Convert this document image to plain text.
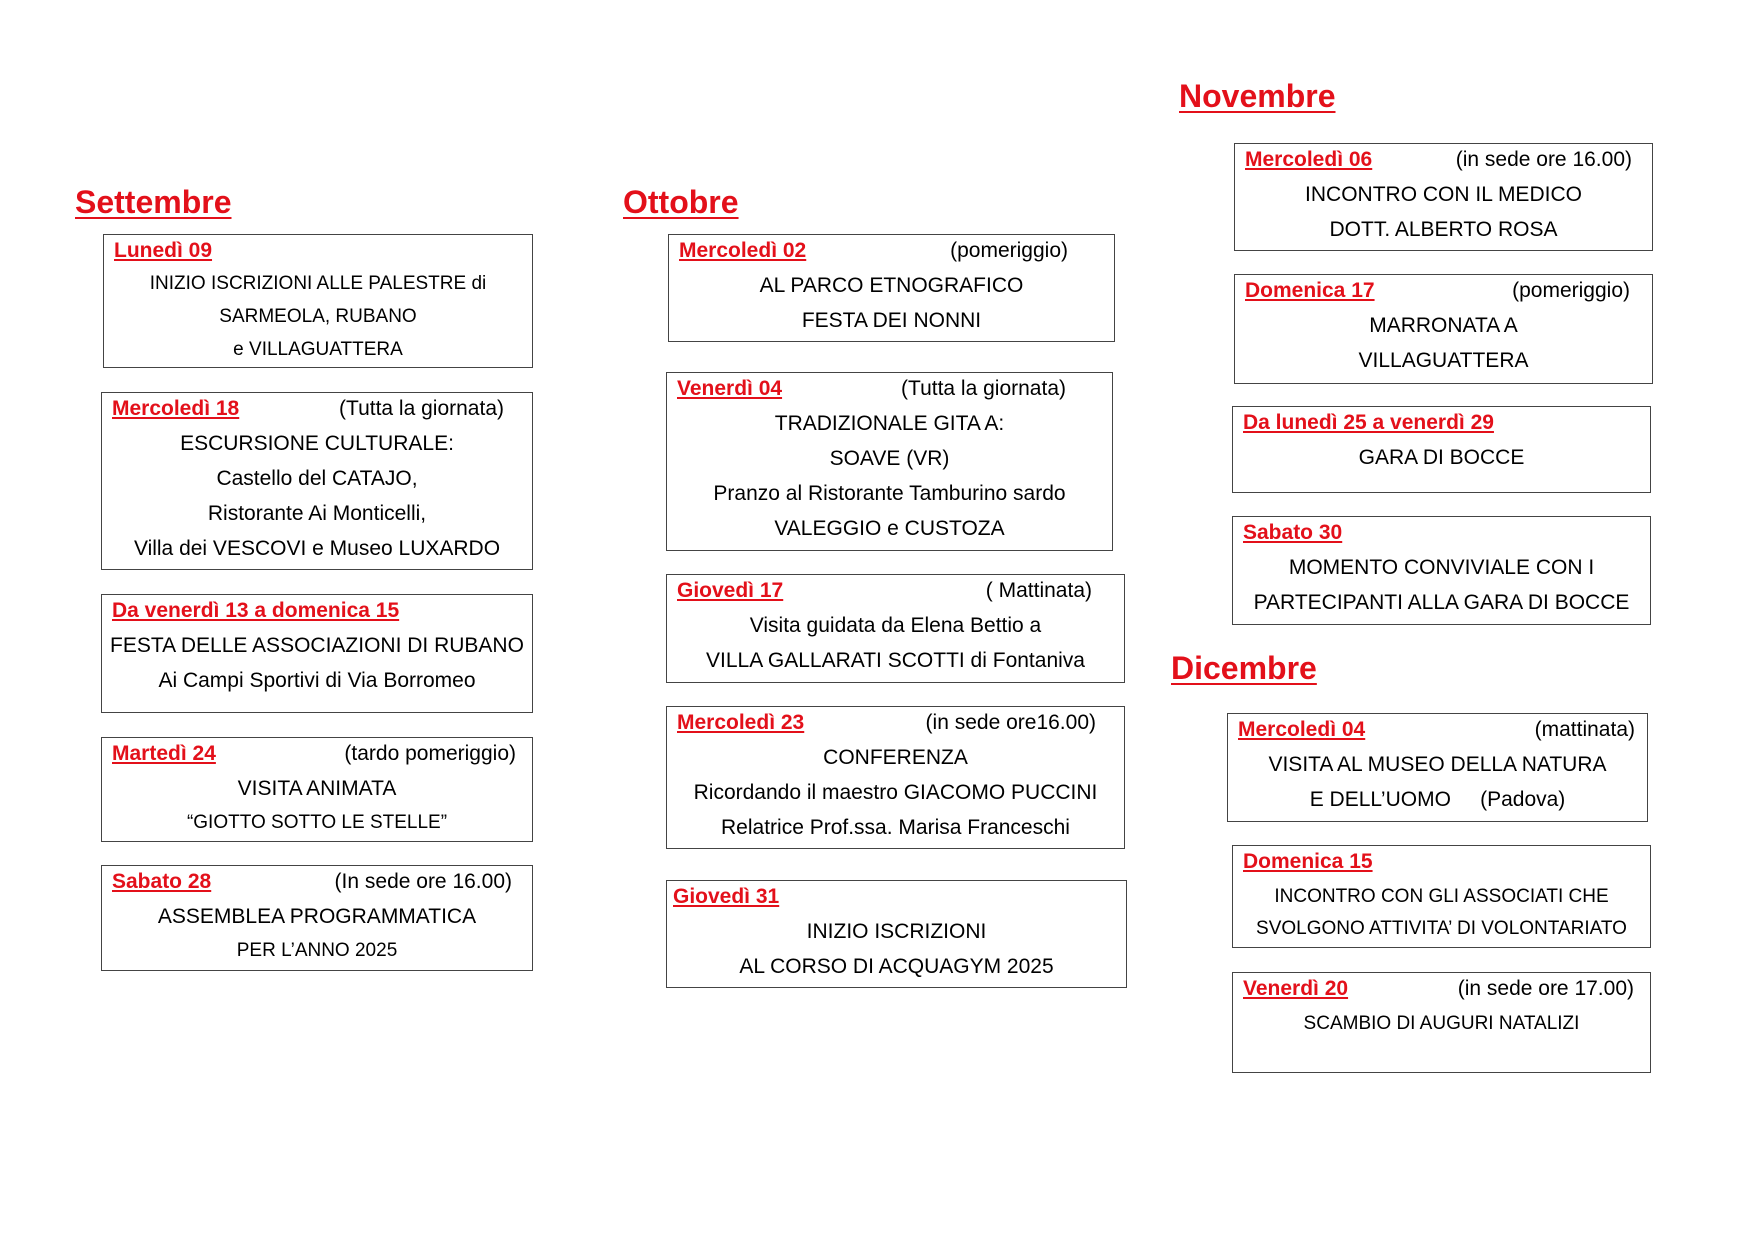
Settembre	Ottobre
Novembre
Dicembre
Lunedì 09
INIZIO ISCRIZIONI ALLE PALESTRE di
SARMEOLA, RUBANO
e VILLAGUATTERA
Mercoledì 18	(Tutta la giornata)
ESCURSIONE CULTURALE:
Castello del CATAJO,
Ristorante Ai Monticelli,
Villa dei VESCOVI e Museo LUXARDO
Da venerdì 13 a domenica 15
FESTA DELLE ASSOCIAZIONI DI RUBANO
Ai Campi Sportivi di Via Borromeo
Martedì 24	(tardo pomeriggio)
VISITA ANIMATA
“GIOTTO SOTTO LE STELLE”
Sabato 28	(In sede ore 16.00)
ASSEMBLEA PROGRAMMATICA
PER L’ANNO 2025
Mercoledì 02	(pomeriggio)
AL PARCO ETNOGRAFICO
FESTA DEI NONNI
Venerdì 04	(Tutta la giornata)
TRADIZIONALE GITA A:
SOAVE (VR)
Pranzo al Ristorante Tamburino sardo
VALEGGIO e CUSTOZA
Giovedì 17	( Mattinata)
Visita guidata da Elena Bettio a
VILLA GALLARATI SCOTTI di Fontaniva
Mercoledì 23	(in sede ore16.00)
CONFERENZA
Ricordando il maestro GIACOMO PUCCINI
Relatrice Prof.ssa. Marisa Franceschi
Giovedì 31
INIZIO ISCRIZIONI
AL CORSO DI ACQUAGYM 2025
Mercoledì 06	(in sede ore 16.00)
INCONTRO CON IL MEDICO
DOTT. ALBERTO ROSA
Domenica 17	(pomeriggio)
MARRONATA A
VILLAGUATTERA
Da lunedì 25 a venerdì 29
GARA DI BOCCE
Sabato 30
MOMENTO CONVIVIALE CON I
PARTECIPANTI ALLA GARA DI BOCCE
Mercoledì 04	(mattinata)
VISITA AL MUSEO DELLA NATURA
E DELL’UOMO     (Padova)
Domenica 15
INCONTRO CON GLI ASSOCIATI CHE
SVOLGONO ATTIVITA’ DI VOLONTARIATO
Venerdì 20	(in sede ore 17.00)
SCAMBIO DI AUGURI NATALIZI
